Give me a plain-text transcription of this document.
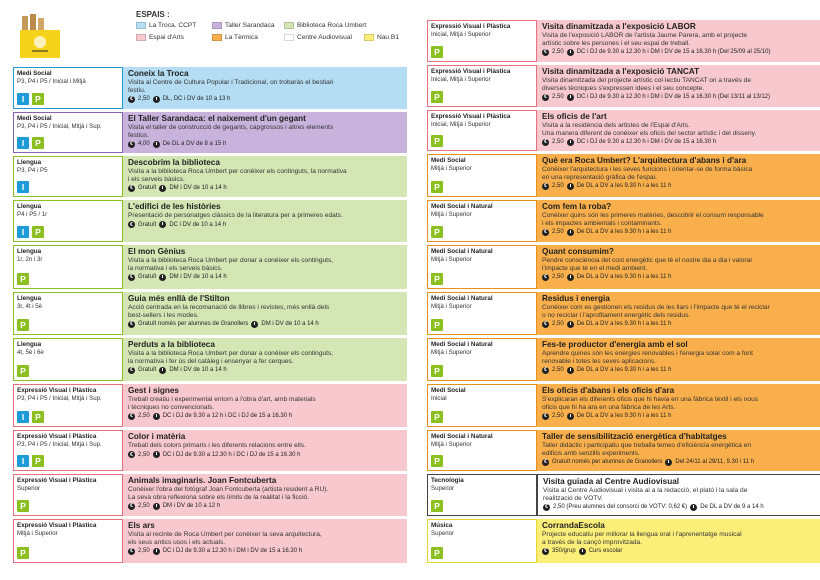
ESPAIS :
La Troca. CCPT	Taller Sarandaca	Biblioteca Roca Umbert
Espai d'Arts	La Tèrmica	Centre Audiovisual	Nau B1
Medi Social
P3, P4 i P5 / Inicial i Mitjà
I	P
Coneix la Troca
Visita al Centre de Cultura Popular i Tradicional, on trobaràs el bestiari
festiu.
€ 2,50 DL, DC i DV de 10 a 13 h
Medi Social
P3, P4 i P5 / Inicial, Mitjà i Sup.
I	P
El Taller Sarandaca: el naixement d'un gegant
Visita el taller de construcció de gegants, capgrossos i altres elements
festius.
€ 4,00 De DL a DV de 8 a 15 h
Llengua
P3, P4 i P5
I
Descobrim la biblioteca
Visita a la biblioteca Roca Umbert per conèixer els continguts, la normativa
i els serveis bàsics.
€ Gratuït DM i DV de 10 a 14 h
Llengua
P4 i P5 / 1r
I	P
L'edifici de les històries
Presentació de personatges clàssics de la literatura per a primeres edats.
€ Gratuït DC i DV de 10 a 14 h
Llengua
1r, 2n i 3r
P
El mon Gènius
Visita a la biblioteca Roca Umbert per donar a conèixer els continguts,
la normativa i els serveis bàsics.
€ Gratuït DM i DV de 10 a 14 h
Llengua
3r, 4t i 5è
P
Guia més enllà de l'Stilton
Acció centrada en la recomanació de llibres i revistes, més enllà dels
best-sellers i les modes.
€ Gratuït només per alumnes de Granollers DM i DV de 10 a 14 h
Llengua
4t, 5è i 6è
P
Perduts a la biblioteca
Visita a la biblioteca Roca Umbert per donar a conèixer els continguts,
la normativa i fer ús del catàleg i ensenyar a fer cerques.
€ Gratuït DM i DV de 10 a 14 h
Expressió Visual i Plàstica
P3, P4 i P5 / Inicial, Mitjà i Sup.
I	P
Gest i signes
Treball creatiu i experimental entorn a l'obra d'art, amb materials
i tècniques no convencionals.
€ 2,50 DC i DJ de 9.30 a 12 h i DC i DJ de 15 a 16.30 h
Expressió Visual i Plàstica
P3, P4 i P5 / Inicial, Mitjà i Sup.
I	P
Color i matèria
Treball dels colors primaris i les diferents relacions entre ells.
€ 2,50 DC i DJ de 9.30 a 12.30 h i DC i DJ de 15 a 16.30 h
Expressió Visual i Plàstica
Superior
P
Animals imaginaris. Joan Fontcuberta
Conèixer l'obra del fotògraf Joan Fontcuberta (artista resident a RU).
La seva obra reflexiona sobre els límits de la realitat i la ficció.
€ 2,50 DM i DV de 10 a 12 h
Expressió Visual i Plàstica
Mitjà i Superior
P
Els ars
Visita al recinte de Roca Umbert per conèixer la seva arquitectura,
els seus antics usos i els actuals.
€ 2,50 DC i DJ de 9.30 a 12.30 h i DM i DV de 15 a 16.30 h
Expressió Visual i Plàstica
Inicial, Mitjà i Superior
P
Visita dinamitzada a l'exposició LABOR
Visita de l'exposició LABOR de l'artista Jaume Parera, amb el projecte
artístic sobre les persones i el seu espai de treball.
€ 2,50 DC i DJ de 9.30 a 12.30 h i DM i DV de 15 a 16.30 h (Del 25/09 al 25/10)
Expressió Visual i Plàstica
Inicial, Mitjà i Superior
P
Visita dinamitzada a l'exposició TANCAT
Visita dinamitzada del projecte artístic col·lectiu TANCAT on a través de
diverses tècniques s'expressen idees i el seu concepte.
€ 2,50 DC i DJ de 9.30 a 12.30 h i DM i DV de 15 a 16.30 h (Del 13/11 al 13/12)
Expressió Visual i Plàstica
Inicial, Mitjà i Superior
P
Els oficis de l'art
Visita a la residència dels artistes de l'Espai d'Arts.
Una manera diferent de conèixer els oficis del sector artístic i del disseny.
€ 2,50 DC i DJ de 9.30 a 12.30 h i DM i DV de 15 a 16.30 h
Medi Social
Mitjà i Superior
P
Què era Roca Umbert? L'arquitectura d'abans i d'ara
Conèixer l'arquitectura i les seves funcions i orientar-se de forma bàsica
en una representació gràfica de l'espai.
€ 2,50 De DL a DV a les 9.30 h i a les 11 h
Medi Social i Natural
Mitjà i Superior
P
Com fem la roba?
Conèixer quins són les primeres matèries, descobrir el consum responsable
i els impactes ambientals i contaminants.
€ 2,50 De DL a DV a les 9.30 h i a les 11 h
Medi Social i Natural
Mitjà i Superior
P
Quant consumim?
Pendre consciència del cost energètic que té el nostre dia a dia i valorar
l'impacte que té en el medi ambient.
€ 2,50 De DL a DV a les 9.30 h i a les 11 h
Medi Social i Natural
Mitjà i Superior
P
Residus i energia
Conèixer com es gestionen els residus de les llars i l'impacte que té el reciclar
o no reciclar i l'aprofitament energètic dels residus.
€ 2,50 De DL a DV a les 9.30 h i a les 11 h
Medi Social i Natural
Mitjà i Superior
P
Fes-te productor d'energia amb el sol
Aprendre quines són les energies renovables i l'energia solar com a font
renovable i totes les seves aplicacions.
€ 2,50 De DL a DV a les 9.30 h i a les 11 h
Medi Social
Inicial
P
Els oficis d'abans i els oficis d'ara
S'explicaran els diferents oficis que hi havia en una fàbrica tèxtil i els nous
oficis que hi ha ara en una fàbrica de les Arts.
€ 2,50 De DL a DV a les 9.30 h i a les 11 h
Medi Social i Natural
Mitjà i Superior
P
Taller de sensibilització energètica d'habitatges
Taller didàctic i participatiu que treballa temes d'eficiència energètica en
edificis amb senzills experiments.
€ Gratuït només per alumnes de Granollers Del 24/11 al 29/11, 9.30 i 11 h
Tecnologia
Superior
P
Visita guiada al Centre Audiovisual
Visita al Centre Audiovisual i visita al a la redacció, el plató i la sala de
realització de VOTV.
€ 2,50 (Preu alumnes del consorci de VOTV: 0,62 €) De DL a DV de 9 a 14 h
Música
Superior
P
CorrandaEscola
Projecte educatiu per millorar la llengua oral i l'aprenentatge musical
a través de la cançó improvitzada.
€ 350/grup Curs escolar
